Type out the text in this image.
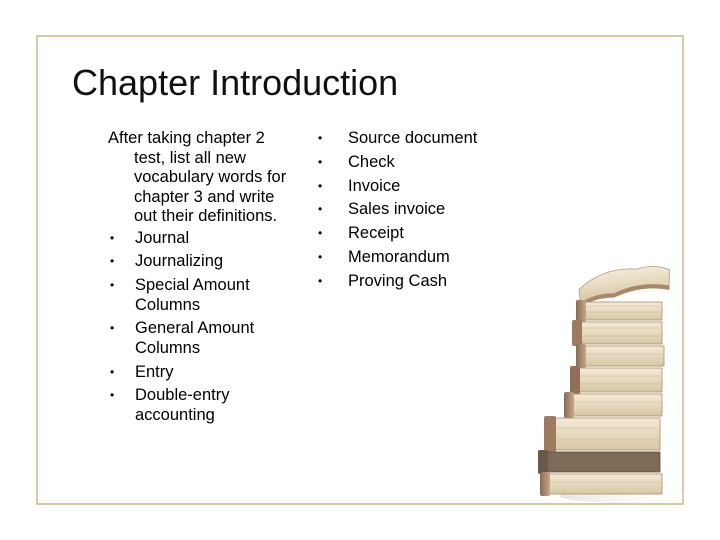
Chapter Introduction

After taking chapter 2 test, list all new vocabulary words for chapter 3 and write out their definitions.

• Journal
• Journalizing
• Special Amount Columns
• General Amount Columns
• Entry
• Double-entry accounting
• Source document
• Check
• Invoice
• Sales invoice
• Receipt
• Memorandum
• Proving Cash
